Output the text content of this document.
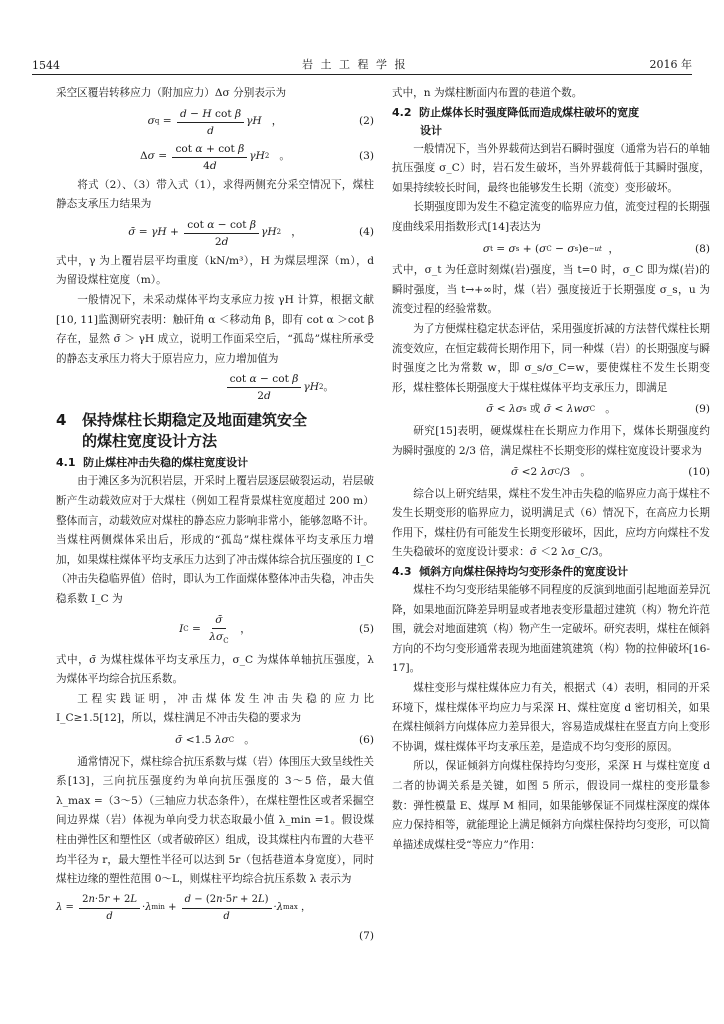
1544	岩 土 工 程 学 报	2016 年

采空区覆岩转移应力（附加应力）Δσ 分别表示为

σ $q = \frac{\text{d − H cot β}}{d}$ γH ，	(2)
Δ $\sigma = \frac{\text{cot α + cot β}}{4d}$ γH 2 。	(3)

将式（2）、（3）带入式（1），求得两侧充分采空情况下，煤柱静态支承压力结果为

σ̄ = $\gamma H + \frac{\text{cot α − cot β}}{2d}$ γH 2 ，	(4)

式中，γ 为上覆岩层平均重度（kN/m³），H 为煤层埋深（m），d 为留设煤柱宽度（m）。

一般情况下，未采动煤体平均支承应力按 γH 计算，根据文献[10, 11]监测研究表明：触矸角 α ＜移动角 β，即有 cot α ＞cot β 存在，显然 σ̄ ＞ γH 成立，说明工作面采空后，“孤岛”煤柱所承受的静态支承压力将大于原岩应力，应力增加值为

$\frac{\text{cot α − cot β}}{2d}$ γH 2 。
4 保持煤柱长期稳定及地面建筑安全
的煤柱宽度设计方法
4.1 防止煤柱冲击失稳的煤柱宽度设计

由于滩区多为沉积岩层，开采时上覆岩层逐层破裂运动，岩层破断产生动载效应对于大煤柱（例如工程背景煤柱宽度超过 200 m）整体而言，动载效应对煤柱的静态应力影响非常小，能够忽略不计。当煤柱两侧煤体采出后，形成的“孤岛”煤柱煤体平均支承压力增加，如果煤柱煤体平均支承压力达到了冲击煤体综合抗压强度的 I_C（冲击失稳临界值）倍时，即认为工作面煤体整体冲击失稳，冲击失稳系数 I_C 为

I $C = \frac{\sigmā}{\lambda\sigma_C}$ ，	(5)

式中，σ̄ 为煤柱煤体平均支承压力，σ_C 为煤体单轴抗压强度，λ 为煤体平均综合抗压系数。

工程实践证明，冲击煤体发生冲击失稳的应力比 I_C≥1.5[12]，所以，煤柱满足不冲击失稳的要求为

σ̄ <1.5 λσ C 。	(6)

通常情况下，煤柱综合抗压系数与煤（岩）体围压大致呈线性关系[13]，三向抗压强度约为单向抗压强度的 3～5 倍，最大值 λ_max =（3～5）（三轴应力状态条件），在煤柱塑性区或者采掘空间边界煤（岩）体视为单向受力状态取最小值 λ_min =1。假设煤柱由弹性区和塑性区（或者破碎区）组成，设其煤柱内布置的大巷平均半径为 r，最大塑性半径可以达到 5r（包括巷道本身宽度），同时煤柱边缘的塑性范围 0～L，则煤柱平均综合抗压系数 λ 表示为

$\lambda = \frac{2n\cdot 5r + 2L}{d} \cdot \lambda$ $\min + \frac{d - (2n\cdot 5r + 2L)}{d} \cdot \lambda$ max ，
(7)

式中，n 为煤柱断面内布置的巷道个数。

4.2 防止煤体长时强度降低而造成煤柱破坏的宽度
设计

一般情况下，当外界载荷达到岩石瞬时强度（通常为岩石的单轴抗压强度 σ_C）时，岩石发生破坏，当外界载荷低于其瞬时强度，如果持续较长时间，最终也能够发生长期（流变）变形破坏。

长期强度即为发生不稳定流变的临界应力值，流变过程的长期强度曲线采用指数形式[14]表达为

σ t = σ s + ( σ C − σ s )e −ut ，	(8)

式中，σ_t 为任意时刻煤(岩)强度，当 t=0 时，σ_C 即为煤(岩)的瞬时强度，当 t→+∞时，煤（岩）强度接近于长期强度 σ_s，u 为流变过程的经验常数。

为了方便煤柱稳定状态评估，采用强度折减的方法替代煤柱长期流变效应，在恒定载荷长期作用下，同一种煤（岩）的长期强度与瞬时强度之比为常数 w，即 σ_s/σ_C=w，要使煤柱不发生长期变形，煤柱整体长期强度大于煤柱煤体平均支承压力，即满足

σ̄ < λσ s 或 σ̄ < λwσ C 。	(9)

研究[15]表明，硬煤煤柱在长期应力作用下，煤体长期强度约为瞬时强度的 2/3 倍，满足煤柱不长期变形的煤柱宽度设计要求为

σ̄ <2 λσ C /3   。	(10)

综合以上研究结果，煤柱不发生冲击失稳的临界应力高于煤柱不发生长期变形的临界应力，说明满足式（6）情况下，在高应力长期作用下，煤柱仍有可能发生长期变形破坏，因此，应均方向煤柱不发生失稳破坏的宽度设计要求：σ̄ ＜2 λσ_C/3。

4.3 倾斜方向煤柱保持均匀变形条件的宽度设计

煤柱不均匀变形结果能够不同程度的反演到地面引起地面差异沉降，如果地面沉降差异明显或者地表变形量超过建筑（构）物允许范围，就会对地面建筑（构）物产生一定破坏。研究表明，煤柱在倾斜方向的不均匀变形通常表现为地面建筑建筑（构）物的拉伸破坏[16-17]。

煤柱变形与煤柱煤体应力有关，根据式（4）表明，相同的开采环境下，煤柱煤体平均应力与采深 H、煤柱宽度 d 密切相关，如果在煤柱倾斜方向煤体应力差异很大，容易造成煤柱在竖直方向上变形不协调，煤柱煤体平均支承压差，是造成不均匀变形的原因。

所以，保证倾斜方向煤柱保持均匀变形，采深 H 与煤柱宽度 d 二者的协调关系是关键，如图 5 所示，假设同一煤柱的变形量参数：弹性模量 E、煤厚 M 相同，如果能够保证不同煤柱深度的煤体应力保持相等，就能理论上满足倾斜方向煤柱保持均匀变形，可以简单描述成煤柱受“等应力”作用：
